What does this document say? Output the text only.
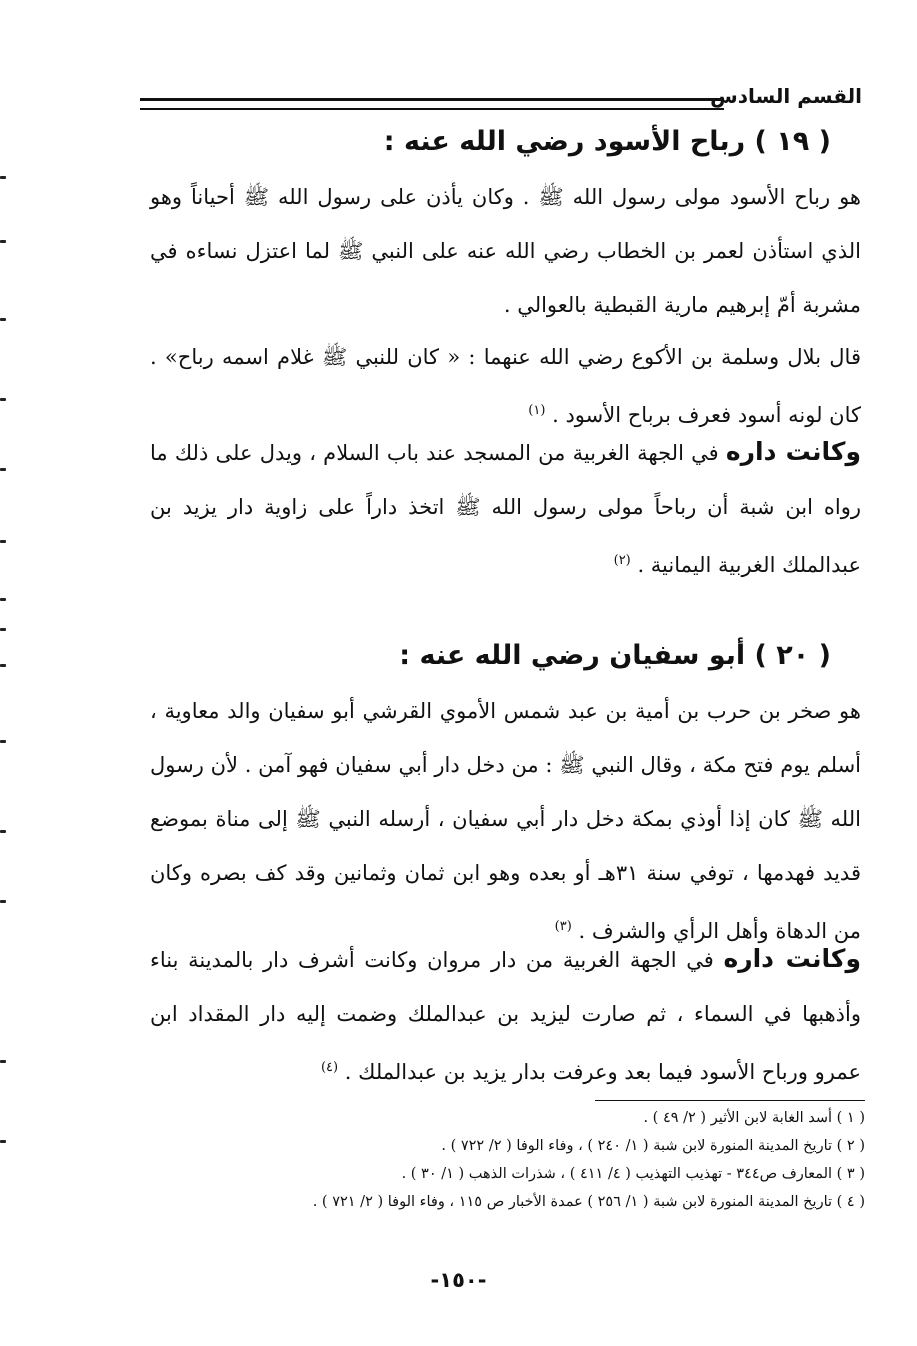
القسم السادس
( ١٩ ) رباح الأسود رضي الله عنه :
هو رباح الأسود مولى رسول الله ﷺ . وكان يأذن على رسول الله ﷺ أحياناً وهو الذي استأذن لعمر بن الخطاب رضي الله عنه على النبي ﷺ لما اعتزل نساءه في مشربة أمّ إبرهيم مارية القبطية بالعوالي .
قال بلال وسلمة بن الأكوع رضي الله عنهما : « كان للنبي ﷺ غلام اسمه رباح» . كان لونه أسود فعرف برباح الأسود . $^{(١)}$
وكانت داره في الجهة الغربية من المسجد عند باب السلام ، ويدل على ذلك ما رواه ابن شبة أن رباحاً مولى رسول الله ﷺ اتخذ داراً على زاوية دار يزيد بن عبدالملك الغربية اليمانية . $^{(٢)}$
( ٢٠ ) أبو سفيان رضي الله عنه :
هو صخر بن حرب بن أمية بن عبد شمس الأموي القرشي أبو سفيان والد معاوية ، أسلم يوم فتح مكة ، وقال النبي ﷺ : من دخل دار أبي سفيان فهو آمن . لأن رسول الله ﷺ كان إذا أوذي بمكة دخل دار أبي سفيان ، أرسله النبي ﷺ إلى مناة بموضع قديد فهدمها ، توفي سنة ٣١هـ أو بعده وهو ابن ثمان وثمانين وقد كف بصره وكان من الدهاة وأهل الرأي والشرف . $^{(٣)}$
وكانت داره في الجهة الغربية من دار مروان وكانت أشرف دار بالمدينة بناء وأذهبها في السماء ، ثم صارت ليزيد بن عبدالملك وضمت إليه دار المقداد ابن عمرو ورباح الأسود فيما بعد وعرفت بدار يزيد بن عبدالملك . $^{(٤)}$
( ١ ) أسد الغابة لابن الأثير ( ٢/ ٤٩ ) .
( ٢ ) تاريخ المدينة المنورة لابن شبة ( ١/ ٢٤٠ ) ، وفاء الوفا ( ٢/ ٧٢٢ ) .
( ٣ ) المعارف ص٣٤٤ - تهذيب التهذيب ( ٤/ ٤١١ ) ، شذرات الذهب ( ١/ ٣٠ ) .
( ٤ ) تاريخ المدينة المنورة لابن شبة ( ١/ ٢٥٦ ) عمدة الأخبار ص ١١٥ ، وفاء الوفا ( ٢/ ٧٢١ ) .
-١٥٠-
